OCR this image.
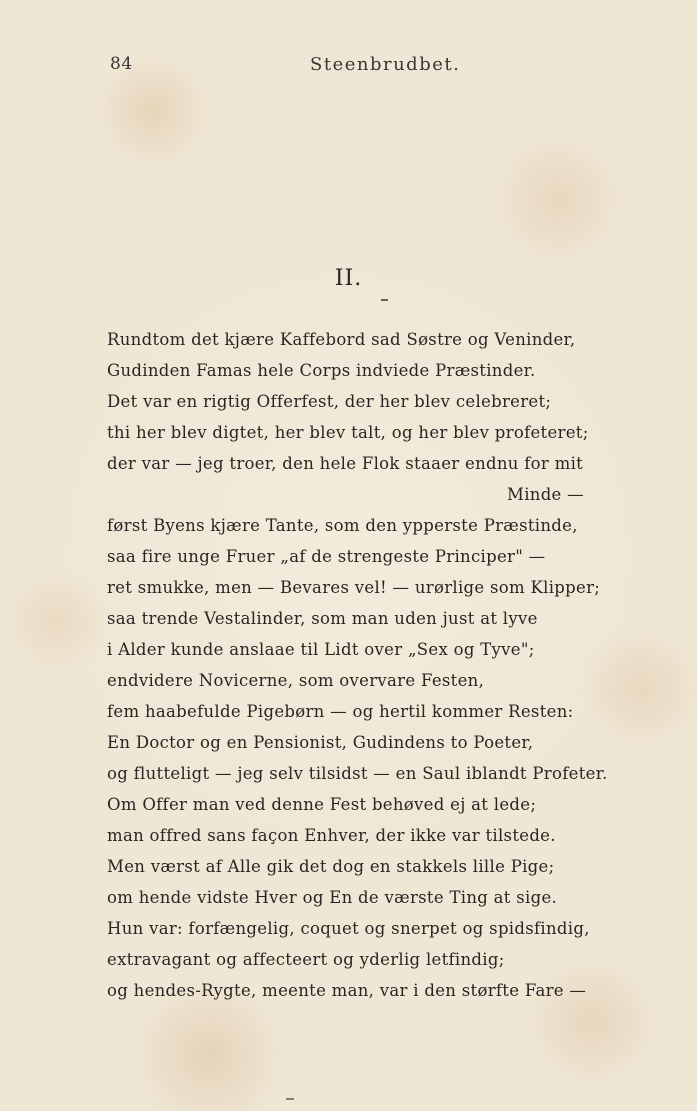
84	Steenbrudbet.
II.
Rundtom det kjære Kaffebord sad Søstre og Veninder,
Gudinden Famas hele Corps indviede Præstinder.
Det var en rigtig Offerfest, der her blev celebreret;
thi her blev digtet, her blev talt, og her blev profeteret;
der var — jeg troer, den hele Flok staaer endnu for mit
Minde —
først Byens kjære Tante, som den ypperste Præstinde,
saa fire unge Fruer „af de strengeste Principer" —
ret smukke, men — Bevares vel! — urørlige som Klipper;
saa trende Vestalinder, som man uden just at lyve
i Alder kunde anslaae til Lidt over „Sex og Tyve";
endvidere Novicerne, som overvare Festen,
fem haabefulde Pigebørn — og hertil kommer Resten:
En Doctor og en Pensionist, Gudindens to Poeter,
og flutteligt — jeg selv tilsidst — en Saul iblandt Profeter.
Om Offer man ved denne Fest behøved ej at lede;
man offred sans façon Enhver, der ikke var tilstede.
Men værst af Alle gik det dog en stakkels lille Pige;
om hende vidste Hver og En de værste Ting at sige.
Hun var: forfængelig, coquet og snerpet og spidsfindig,
extravagant og affecteert og yderlig letfindig;
og hendes-Rygte, meente man, var i den størfte Fare —
